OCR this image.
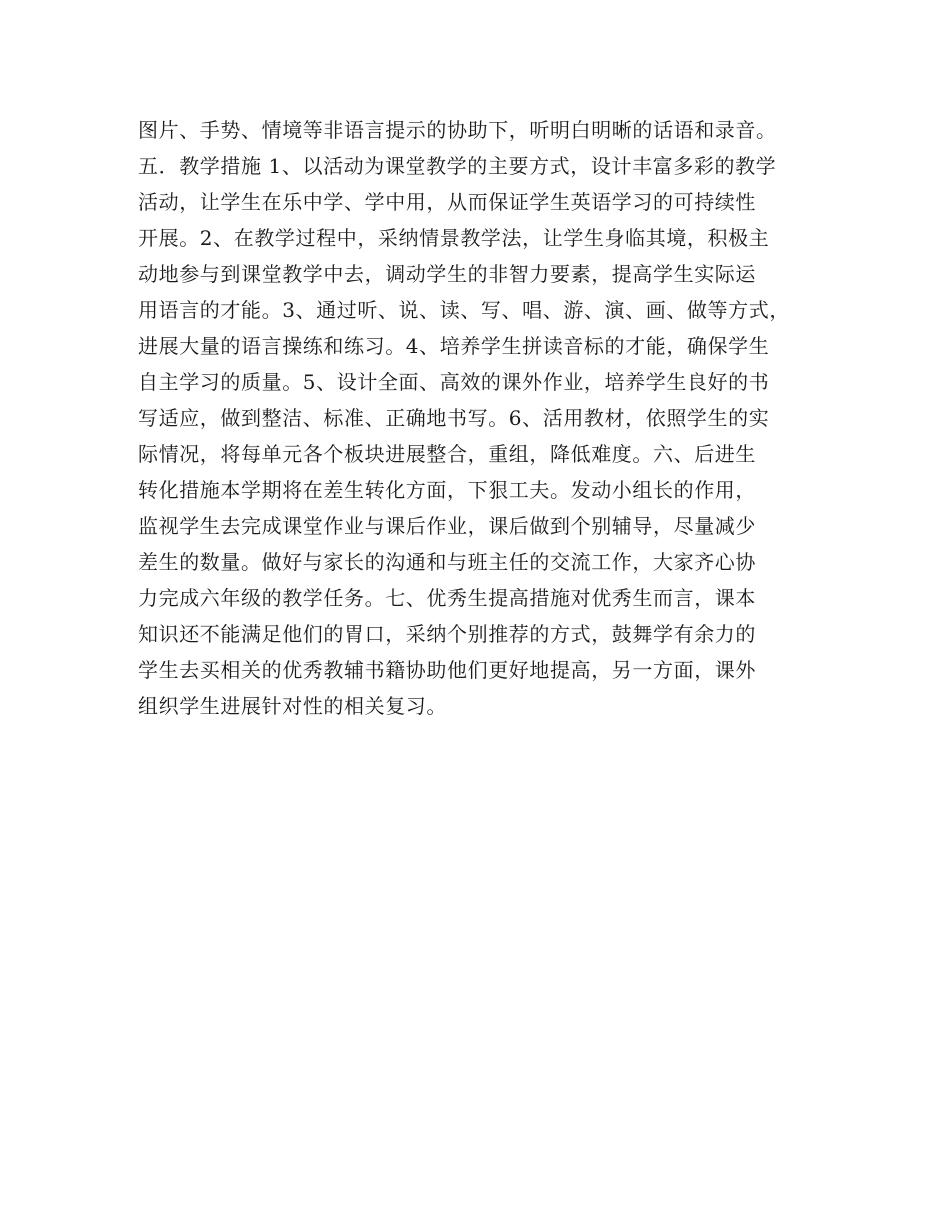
图片、手势、情境等非语言提示的协助下，听明白明晰的话语和录音。
五．教学措施 1、以活动为课堂教学的主要方式，设计丰富多彩的教学
活动，让学生在乐中学、学中用，从而保证学生英语学习的可持续性
开展。2、在教学过程中，采纳情景教学法，让学生身临其境，积极主
动地参与到课堂教学中去，调动学生的非智力要素，提高学生实际运
用语言的才能。3、通过听、说、读、写、唱、游、演、画、做等方式，
进展大量的语言操练和练习。4、培养学生拼读音标的才能，确保学生
自主学习的质量。5、设计全面、高效的课外作业，培养学生良好的书
写适应，做到整洁、标准、正确地书写。6、活用教材，依照学生的实
际情况，将每单元各个板块进展整合，重组，降低难度。六、后进生
转化措施本学期将在差生转化方面，下狠工夫。发动小组长的作用，
监视学生去完成课堂作业与课后作业，课后做到个别辅导，尽量减少
差生的数量。做好与家长的沟通和与班主任的交流工作，大家齐心协
力完成六年级的教学任务。七、优秀生提高措施对优秀生而言，课本
知识还不能满足他们的胃口，采纳个别推荐的方式，鼓舞学有余力的
学生去买相关的优秀教辅书籍协助他们更好地提高，另一方面，课外
组织学生进展针对性的相关复习。
